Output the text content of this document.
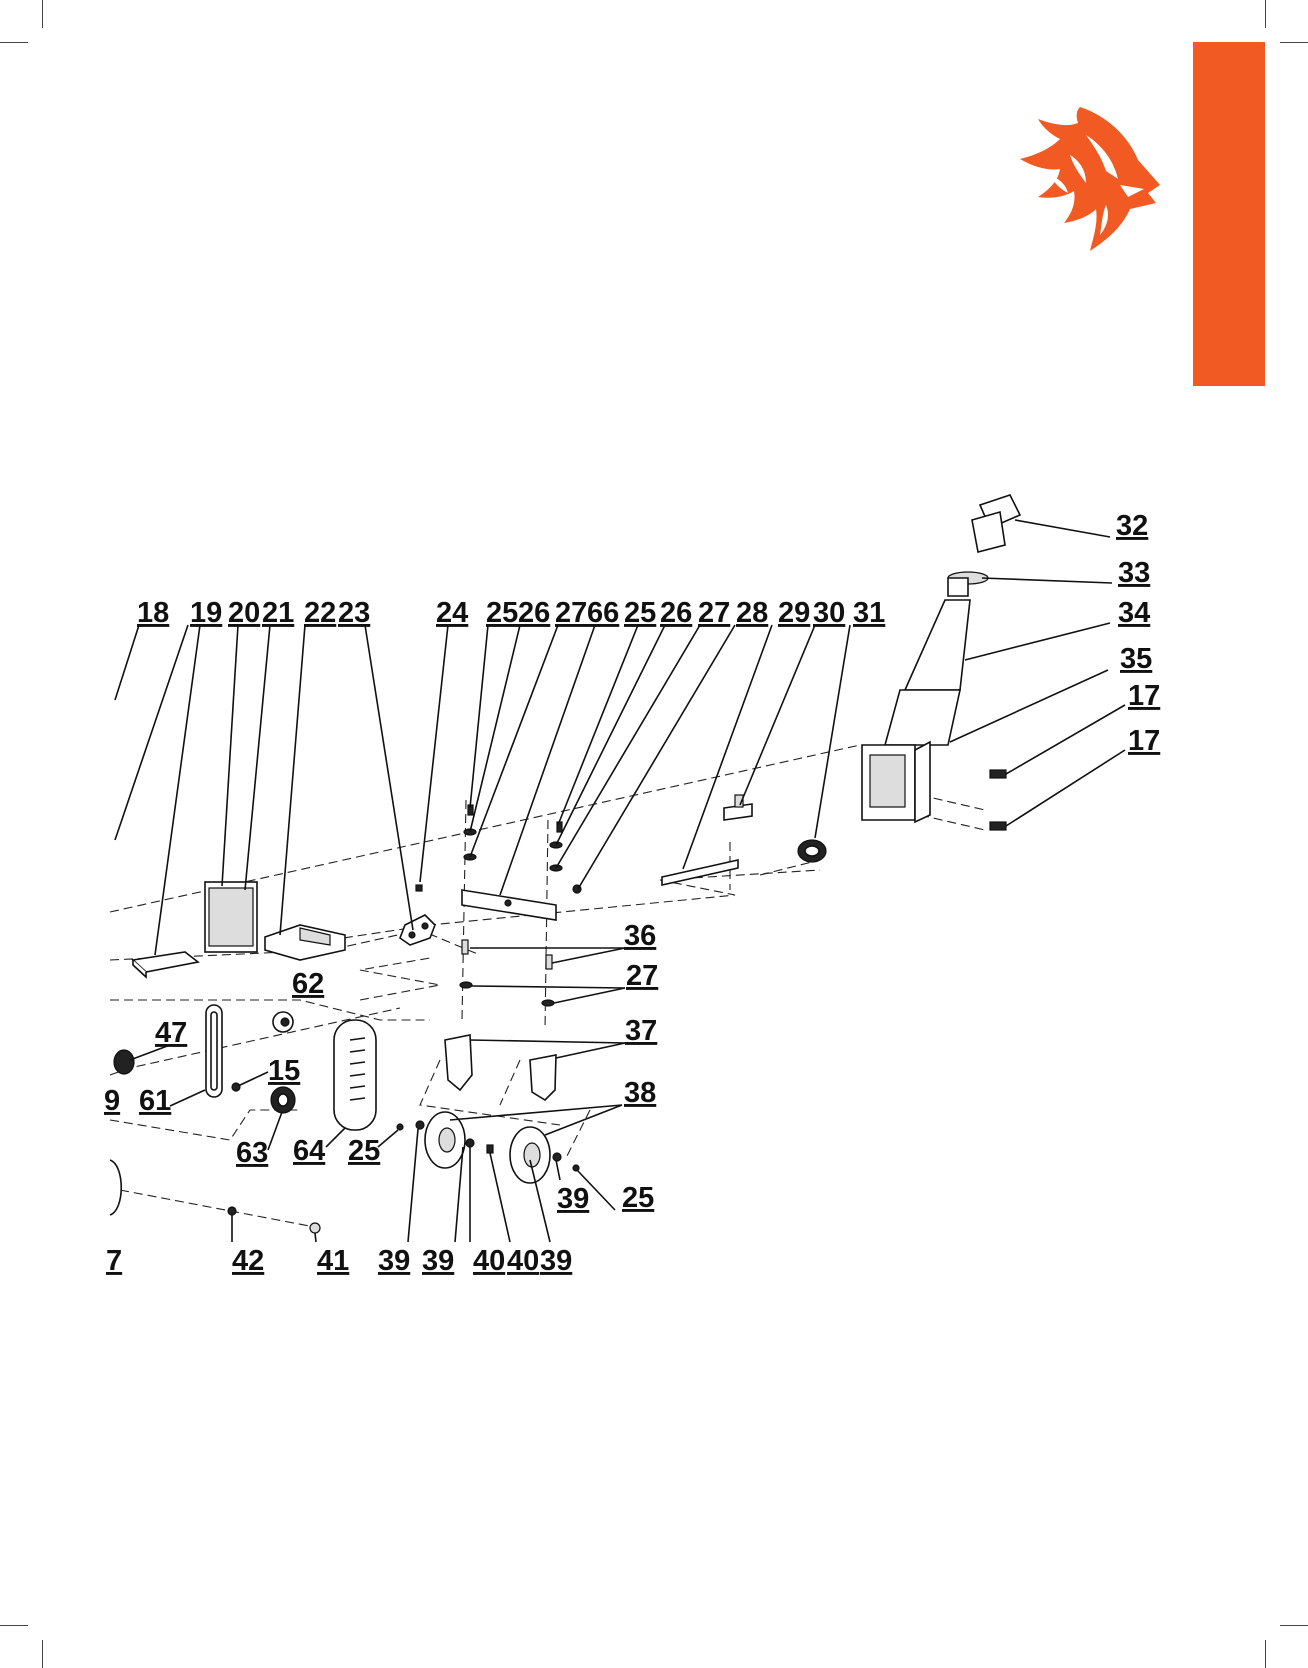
18 19 20 21 22 23 24 25 26 27 66 25 26 27 28 29 30 31
32
33
34
35
17
17
36
27
37
38
39 25
62
47
15
61
9
63 64 25
7	42 41 39 39 40 40 39
